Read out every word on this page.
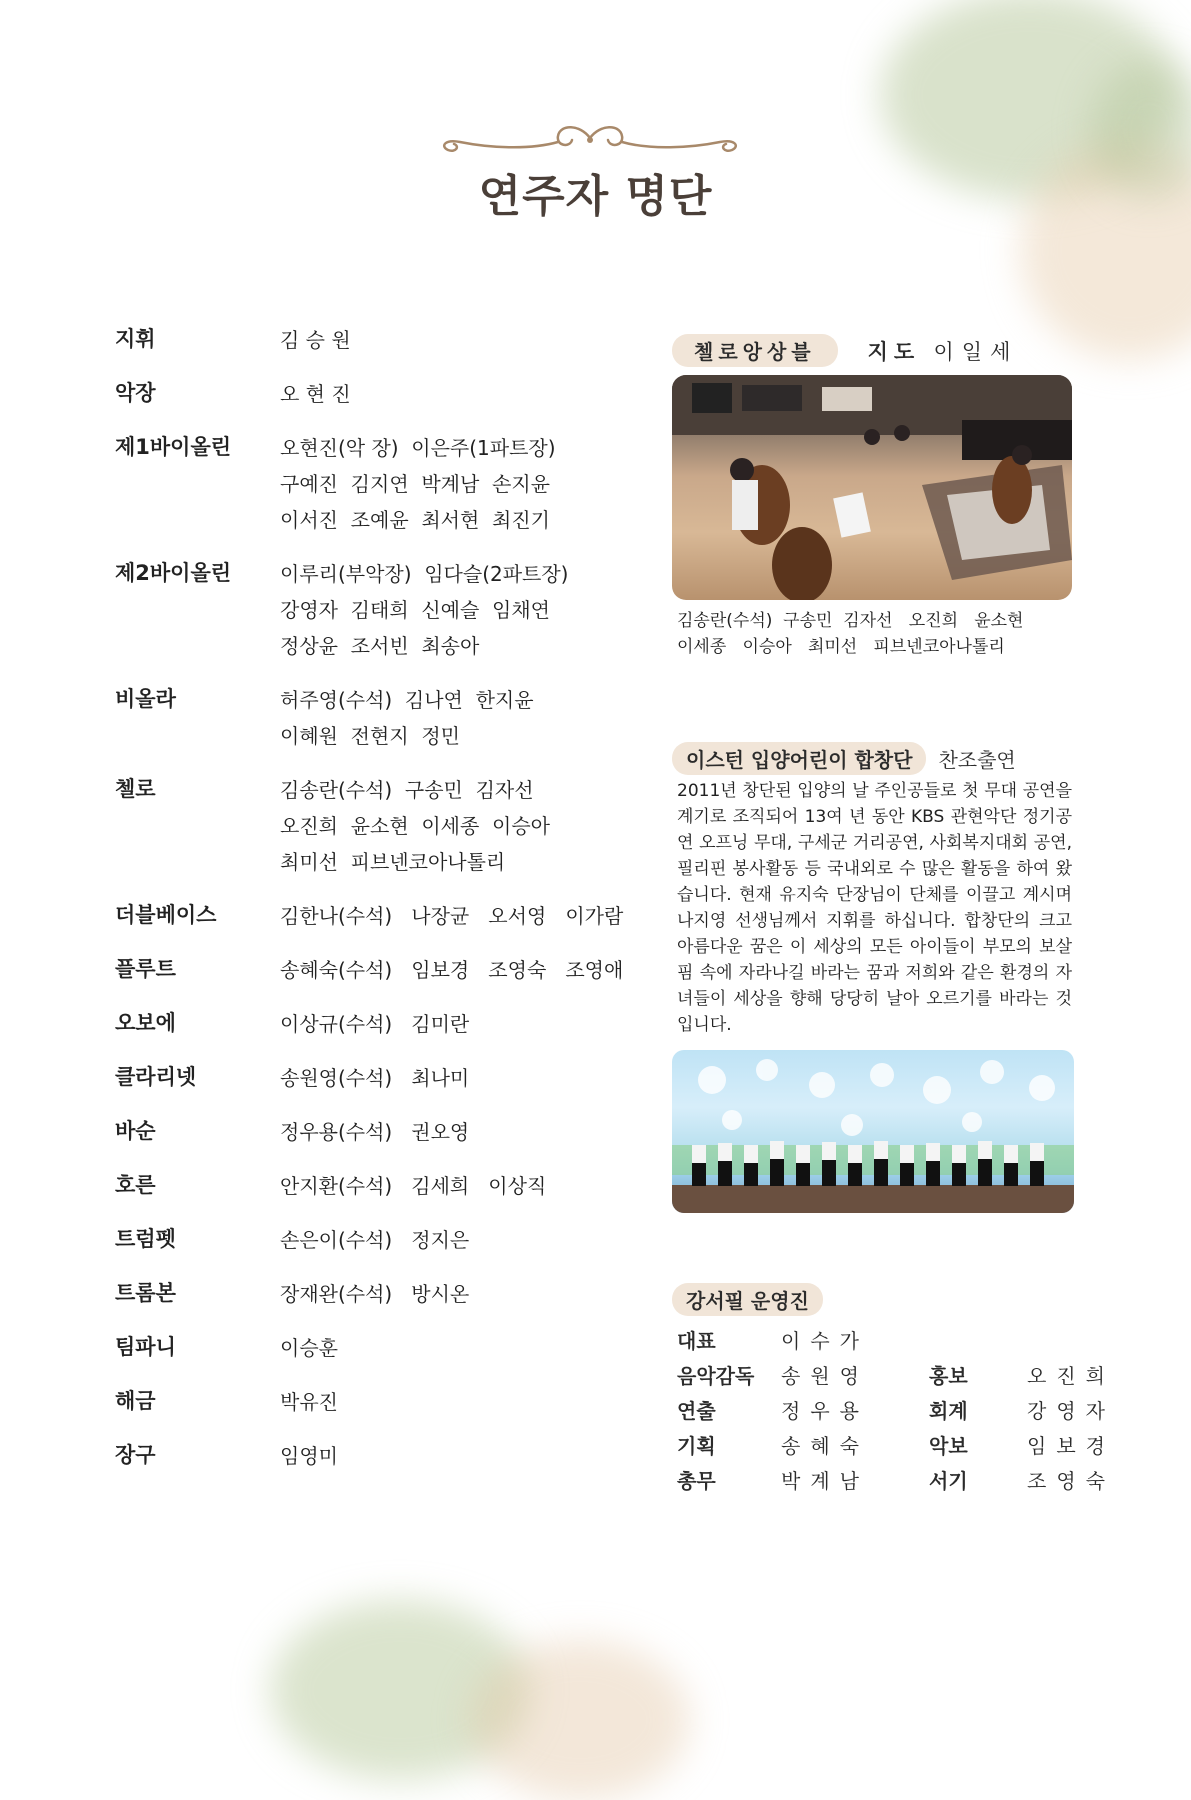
연주자 명단
지휘	김 승 원
악장	오 현 진
제1바이올린	오현진(악 장)  이은주(1파트장)
구예진  김지연  박계남  손지윤
이서진  조예윤  최서현  최진기
제2바이올린	이루리(부악장)  임다슬(2파트장)
강영자  김태희  신예슬  임채연
정상윤  조서빈  최송아
비올라	허주영(수석)  김나연  한지윤
이혜원  전현지  정민
첼로	김송란(수석)  구송민  김자선
오진희  윤소현  이세종  이승아
최미선  피브넨코아나톨리
더블베이스	김한나(수석)   나장균   오서영   이가람
플루트	송혜숙(수석)   임보경   조영숙   조영애
오보에	이상규(수석)   김미란
클라리넷	송원영(수석)   최나미
바순	정우용(수석)   권오영
호른	안지환(수석)   김세희   이상직
트럼펫	손은이(수석)   정지은
트롬본	장재완(수석)   방시온
팀파니	이승훈
해금	박유진
장구	임영미
첼로앙상블	지도 이일세
김송란(수석)  구송민  김자선   오진희   윤소현
이세종   이승아   최미선   피브넨코아나톨리
이스턴 입양어린이 합창단	찬조출연
2011년 창단된 입양의 날 주인공들로 첫 무대 공연을 계기로 조직되어 13여 년 동안 KBS 관현악단 정기공연 오프닝 무대, 구세군 거리공연, 사회복지대회 공연, 필리핀 봉사활동 등 국내외로 수 많은 활동을 하여 왔습니다. 현재 유지숙 단장님이 단체를 이끌고 계시며 나지영 선생님께서 지휘를 하십니다. 합창단의 크고 아름다운 꿈은 이 세상의 모든 아이들이 부모의 보살핌 속에 자라나길 바라는 꿈과 저희와 같은 환경의 자녀들이 세상을 향해 당당히 날아 오르기를 바라는 것입니다.
강서필 운영진
대표	이수가
음악감독 송원영	홍보	오진희
연출	정우용	회계	강영자
기획	송혜숙	악보	임보경
총무	박계남	서기	조영숙
